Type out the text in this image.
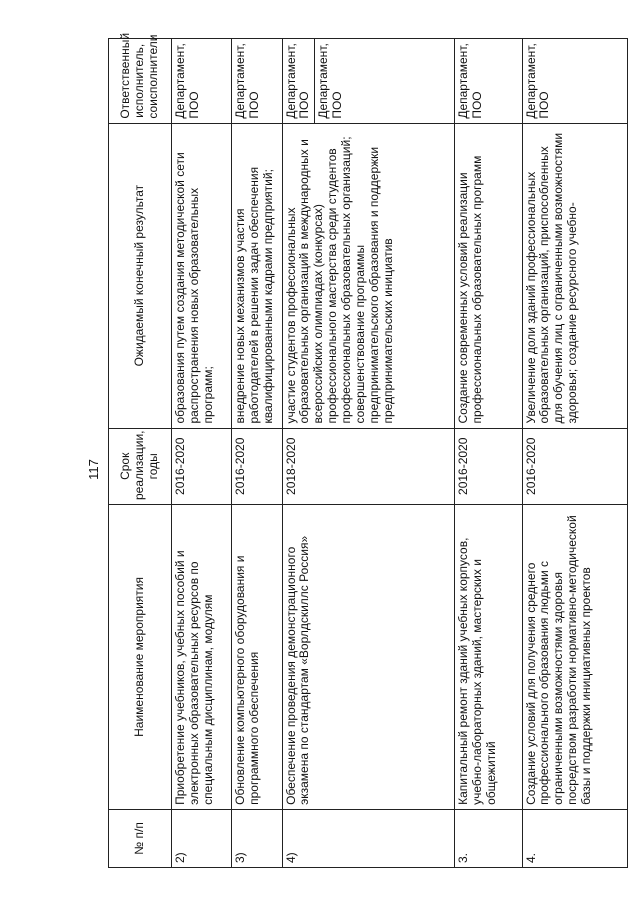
117
№ п/п	Наименование мероприятия	Срок реализации, годы	Ожидаемый конечный результат	Ответственный исполнитель, соисполнители
2)	Приобретение учебников, учебных пособий и электронных образовательных ресурсов по специальным дисциплинам, модулям	2016-2020	образования путем создания методической сети распространения новых образовательных программ;	Департамент, ПОО
3)	Обновление компьютерного оборудования и программного обеспечения	2016-2020	внедрение новых механизмов участия работодателей в решении задач обеспечения квалифицированными кадрами предприятий;	Департамент, ПОО
4)	Обеспечение проведения демонстрационного экзамена по стандартам «Ворлдскиллс Россия»	2018-2020	участие студентов профессиональных образовательных организаций в международных и всероссийских олимпиадах (конкурсах) профессионального мастерства среди студентов профессиональных образовательных организаций; совершенствование программы предпринимательского образования и поддержки предпринимательских инициатив	Департамент, ПОО Департамент, ПОО

3.	Капитальный ремонт зданий учебных корпусов, учебно-лабораторных зданий, мастерских и общежитий	2016-2020	Создание современных условий реализации профессиональных образовательных программ	Департамент, ПОО
4.	Создание условий для получения среднего профессионального образования людьми с ограниченными возможностями здоровья посредством разработки нормативно-методической базы и поддержки инициативных проектов	2016-2020	Увеличение доли зданий профессиональных образовательных организаций, приспособленных для обучения лиц с ограниченными возможностями здоровья; создание ресурсного учебно-	Департамент, ПОО
